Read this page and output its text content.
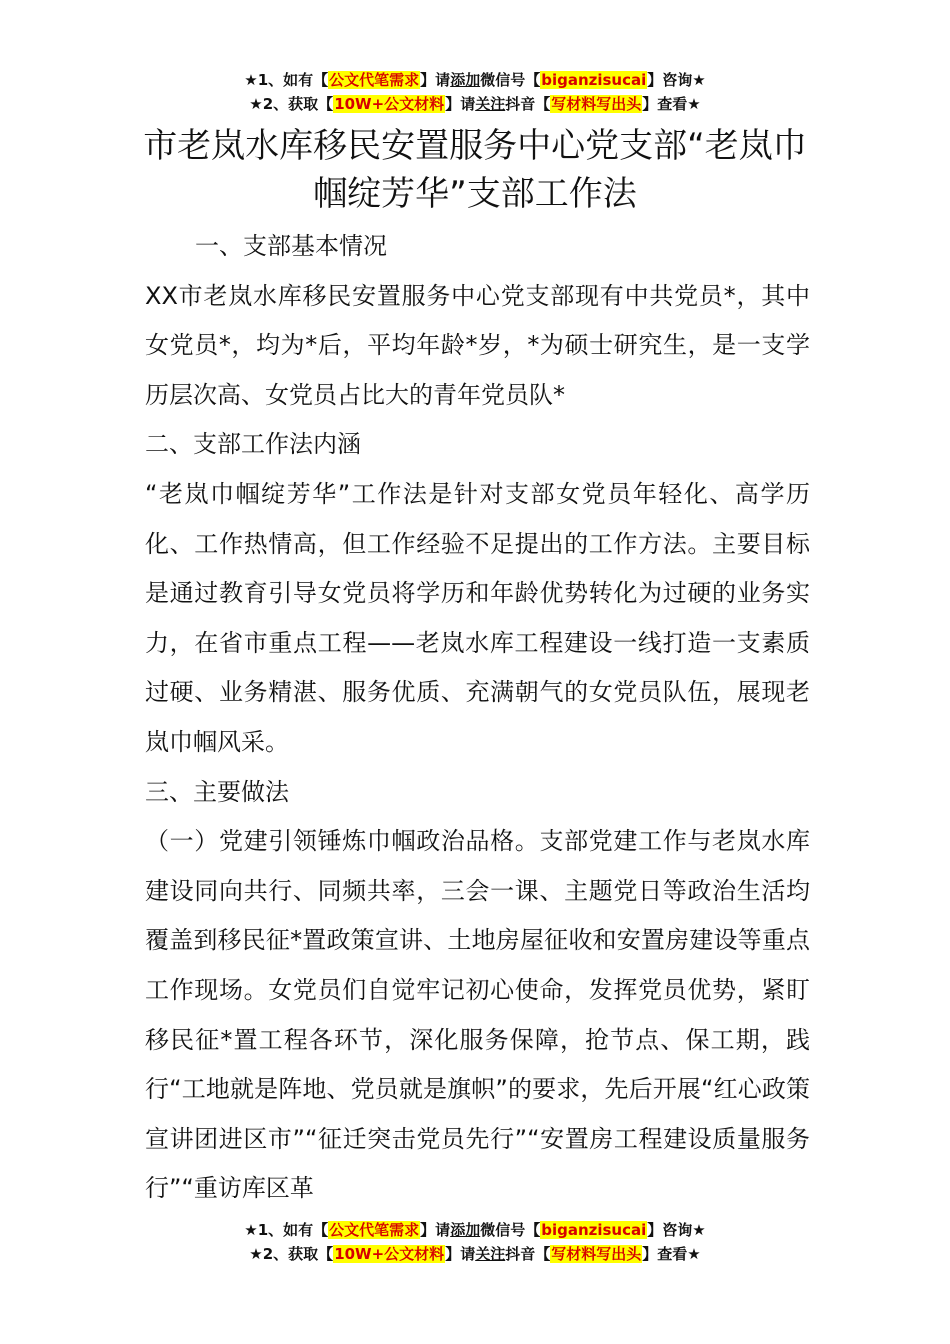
★1、如有【公文代笔需求】请添加微信号【biganzisucai】咨询★
★2、获取【10W+公文材料】请关注抖音【写材料写出头】查看★
市老岚水库移民安置服务中心党支部“老岚巾帼绽芳华”支部工作法

一、支部基本情况

XX市老岚水库移民安置服务中心党支部现有中共党员*，其中女党员*，均为*后，平均年龄*岁，*为硕士研究生，是一支学历层次高、女党员占比大的青年党员队*

二、支部工作法内涵

“老岚巾帼绽芳华”工作法是针对支部女党员年轻化、高学历化、工作热情高，但工作经验不足提出的工作方法。主要目标是通过教育引导女党员将学历和年龄优势转化为过硬的业务实力，在省市重点工程——老岚水库工程建设一线打造一支素质过硬、业务精湛、服务优质、充满朝气的女党员队伍，展现老岚巾帼风采。

三、主要做法

（一）党建引领锤炼巾帼政治品格。支部党建工作与老岚水库建设同向共行、同频共率，三会一课、主题党日等政治生活均覆盖到移民征*置政策宣讲、土地房屋征收和安置房建设等重点工作现场。女党员们自觉牢记初心使命，发挥党员优势，紧盯移民征*置工程各环节，深化服务保障，抢节点、保工期，践行“工地就是阵地、党员就是旗帜”的要求，先后开展“红心政策宣讲团进区市”“征迁突击党员先行”“安置房工程建设质量服务行”“重访库区革

★1、如有【公文代笔需求】请添加微信号【biganzisucai】咨询★
★2、获取【10W+公文材料】请关注抖音【写材料写出头】查看★
